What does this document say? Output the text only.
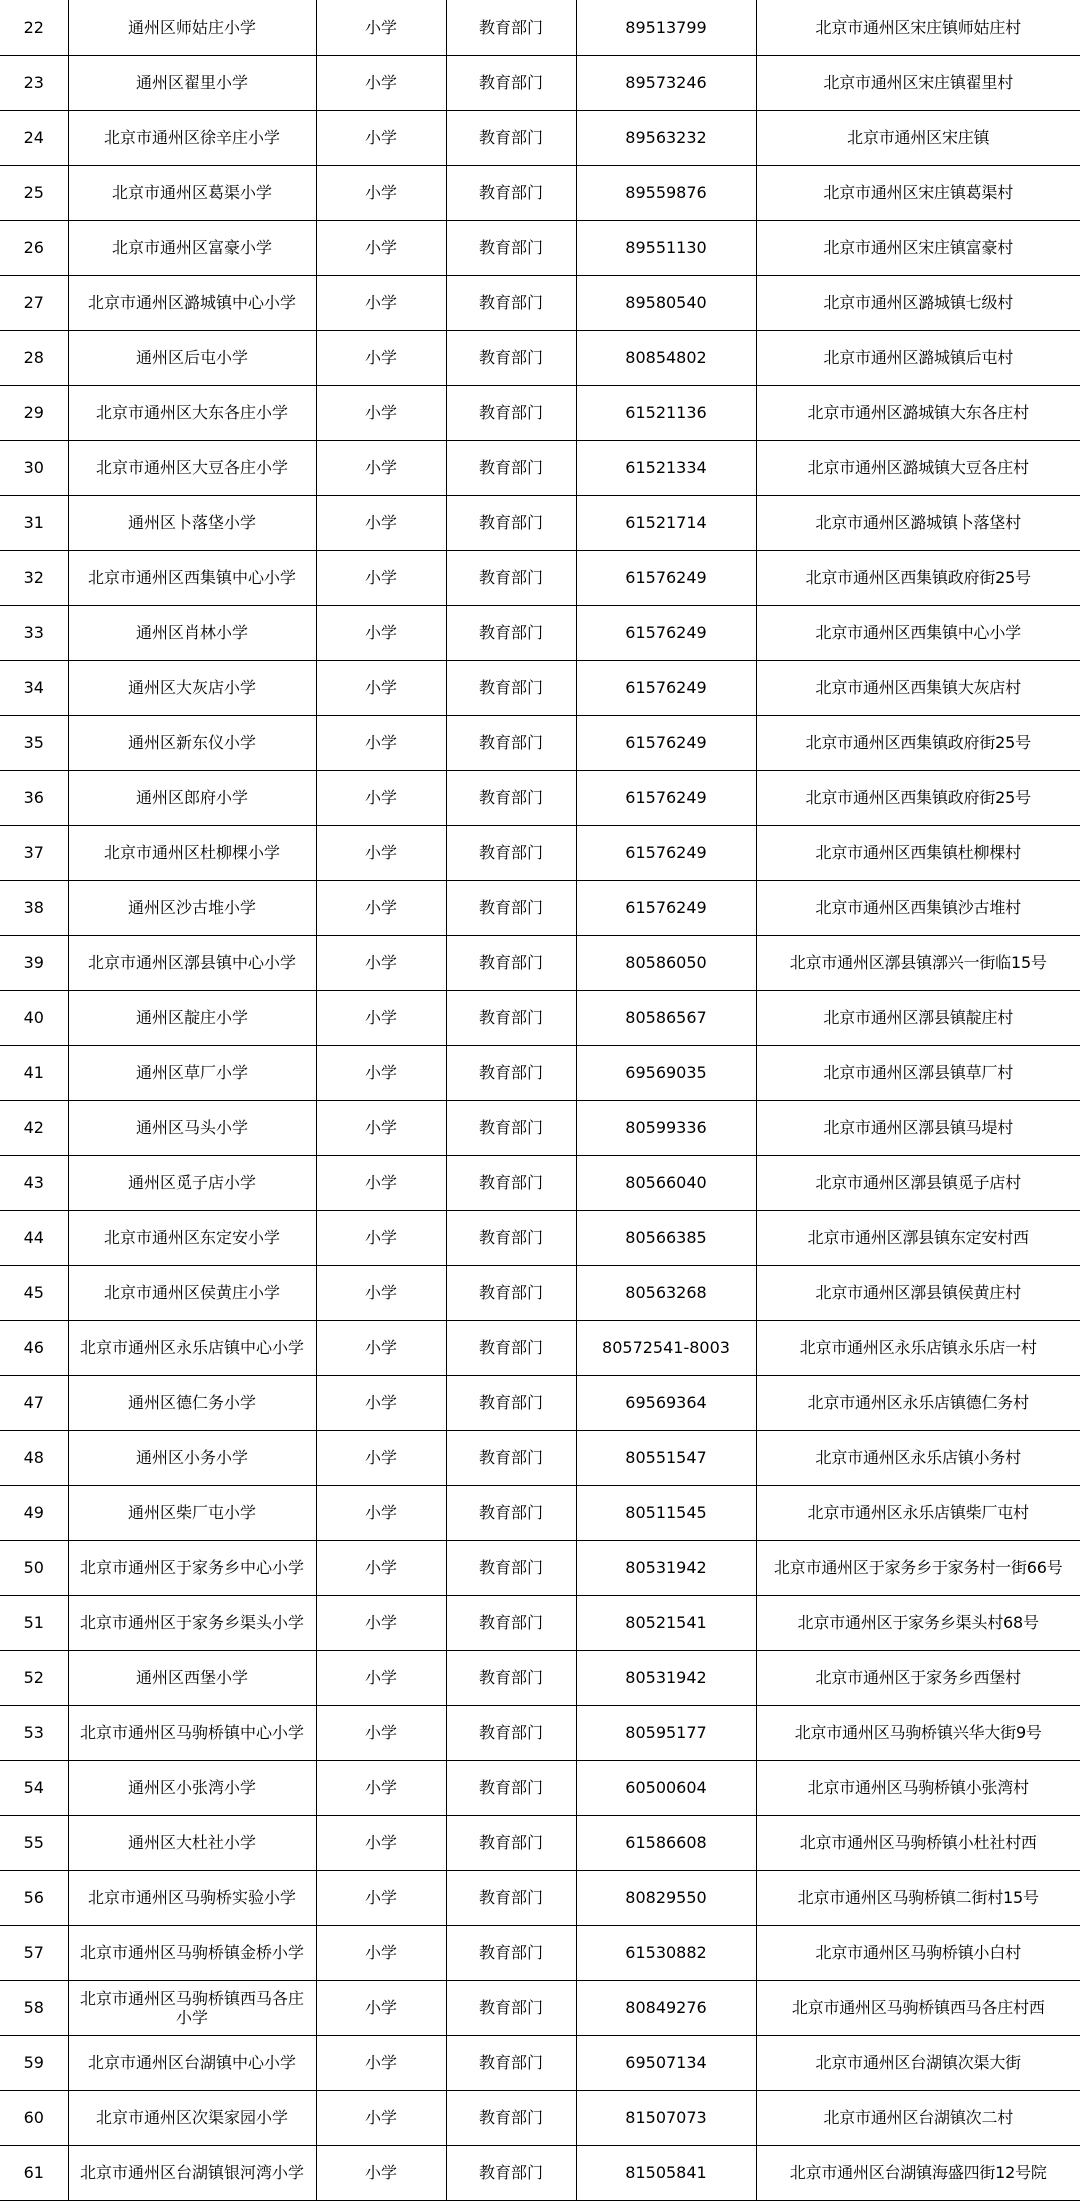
22	通州区师姑庄小学	小学	教育部门	89513799	北京市通州区宋庄镇师姑庄村
23	通州区翟里小学	小学	教育部门	89573246	北京市通州区宋庄镇翟里村
24	北京市通州区徐辛庄小学	小学	教育部门	89563232	北京市通州区宋庄镇
25	北京市通州区葛渠小学	小学	教育部门	89559876	北京市通州区宋庄镇葛渠村
26	北京市通州区富豪小学	小学	教育部门	89551130	北京市通州区宋庄镇富豪村
27	北京市通州区潞城镇中心小学	小学	教育部门	89580540	北京市通州区潞城镇七级村
28	通州区后屯小学	小学	教育部门	80854802	北京市通州区潞城镇后屯村
29	北京市通州区大东各庄小学	小学	教育部门	61521136	北京市通州区潞城镇大东各庄村
30	北京市通州区大豆各庄小学	小学	教育部门	61521334	北京市通州区潞城镇大豆各庄村
31	通州区卜落垡小学	小学	教育部门	61521714	北京市通州区潞城镇卜落垡村
32	北京市通州区西集镇中心小学	小学	教育部门	61576249	北京市通州区西集镇政府街25号
33	通州区肖林小学	小学	教育部门	61576249	北京市通州区西集镇中心小学
34	通州区大灰店小学	小学	教育部门	61576249	北京市通州区西集镇大灰店村
35	通州区新东仪小学	小学	教育部门	61576249	北京市通州区西集镇政府街25号
36	通州区郎府小学	小学	教育部门	61576249	北京市通州区西集镇政府街25号
37	北京市通州区杜柳棵小学	小学	教育部门	61576249	北京市通州区西集镇杜柳棵村
38	通州区沙古堆小学	小学	教育部门	61576249	北京市通州区西集镇沙古堆村
39	北京市通州区漷县镇中心小学	小学	教育部门	80586050	北京市通州区漷县镇漷兴一街临15号
40	通州区靛庄小学	小学	教育部门	80586567	北京市通州区漷县镇靛庄村
41	通州区草厂小学	小学	教育部门	69569035	北京市通州区漷县镇草厂村
42	通州区马头小学	小学	教育部门	80599336	北京市通州区漷县镇马堤村
43	通州区觅子店小学	小学	教育部门	80566040	北京市通州区漷县镇觅子店村
44	北京市通州区东定安小学	小学	教育部门	80566385	北京市通州区漷县镇东定安村西
45	北京市通州区侯黄庄小学	小学	教育部门	80563268	北京市通州区漷县镇侯黄庄村
46	北京市通州区永乐店镇中心小学	小学	教育部门	80572541-8003	北京市通州区永乐店镇永乐店一村
47	通州区德仁务小学	小学	教育部门	69569364	北京市通州区永乐店镇德仁务村
48	通州区小务小学	小学	教育部门	80551547	北京市通州区永乐店镇小务村
49	通州区柴厂屯小学	小学	教育部门	80511545	北京市通州区永乐店镇柴厂屯村
50	北京市通州区于家务乡中心小学	小学	教育部门	80531942	北京市通州区于家务乡于家务村一街66号
51	北京市通州区于家务乡渠头小学	小学	教育部门	80521541	北京市通州区于家务乡渠头村68号
52	通州区西堡小学	小学	教育部门	80531942	北京市通州区于家务乡西堡村
53	北京市通州区马驹桥镇中心小学	小学	教育部门	80595177	北京市通州区马驹桥镇兴华大街9号
54	通州区小张湾小学	小学	教育部门	60500604	北京市通州区马驹桥镇小张湾村
55	通州区大杜社小学	小学	教育部门	61586608	北京市通州区马驹桥镇小杜社村西
56	北京市通州区马驹桥实验小学	小学	教育部门	80829550	北京市通州区马驹桥镇二街村15号
57	北京市通州区马驹桥镇金桥小学	小学	教育部门	61530882	北京市通州区马驹桥镇小白村
58	北京市通州区马驹桥镇西马各庄小学	小学	教育部门	80849276	北京市通州区马驹桥镇西马各庄村西
59	北京市通州区台湖镇中心小学	小学	教育部门	69507134	北京市通州区台湖镇次渠大街
60	北京市通州区次渠家园小学	小学	教育部门	81507073	北京市通州区台湖镇次二村
61	北京市通州区台湖镇银河湾小学	小学	教育部门	81505841	北京市通州区台湖镇海盛四街12号院
